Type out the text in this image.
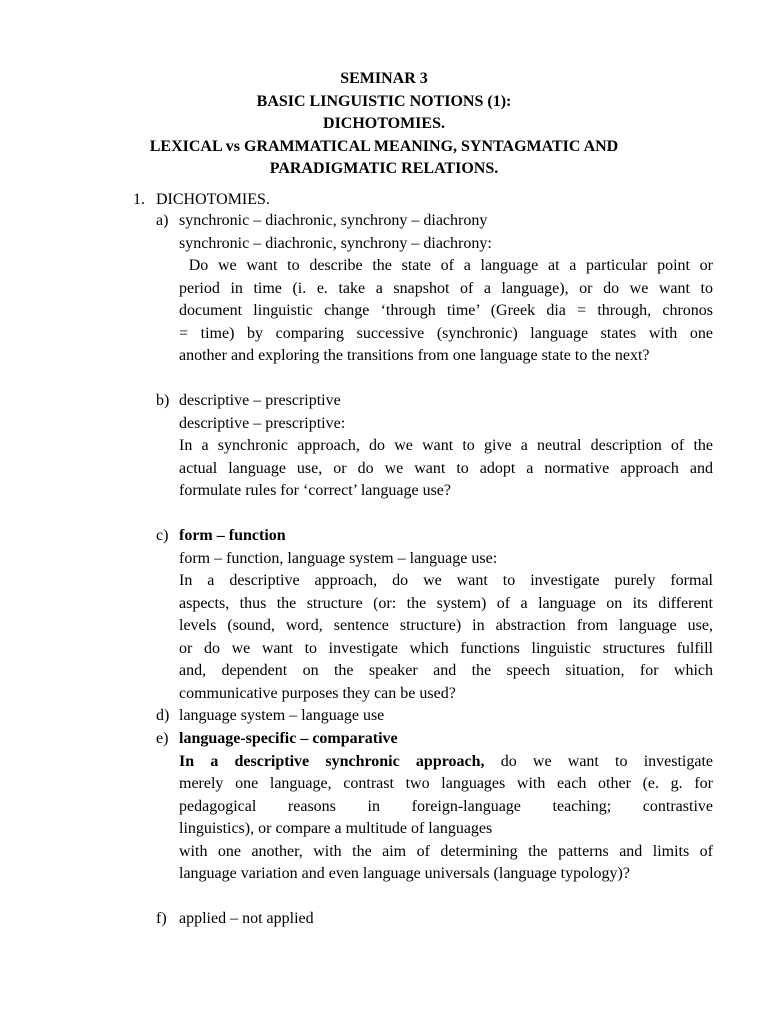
SEMINAR 3
BASIC LINGUISTIC NOTIONS (1):
DICHOTOMIES.
LEXICAL vs GRAMMATICAL MEANING, SYNTAGMATIC AND
PARADIGMATIC RELATIONS.
1. DICHOTOMIES.
a) synchronic – diachronic, synchrony – diachrony
synchronic – diachronic, synchrony – diachrony:
Do we want to describe the state of a language at a particular point or
period in time (i. e. take a snapshot of a language), or do we want to
document linguistic change ‘through time’ (Greek dia = through, chronos
= time) by comparing successive (synchronic) language states with one
another and exploring the transitions from one language state to the next?
b) descriptive – prescriptive
descriptive – prescriptive:
In a synchronic approach, do we want to give a neutral description of the
actual language use, or do we want to adopt a normative approach and
formulate rules for ‘correct’ language use?
c) form – function
form – function, language system – language use:
In a descriptive approach, do we want to investigate purely formal
aspects, thus the structure (or: the system) of a language on its different
levels (sound, word, sentence structure) in abstraction from language use,
or do we want to investigate which functions linguistic structures fulfill
and, dependent on the speaker and the speech situation, for which
communicative purposes they can be used?
d) language system – language use
e) language-specific – comparative
In a descriptive synchronic approach, do we want to investigate
merely one language, contrast two languages with each other (e. g. for
pedagogical reasons in foreign-language teaching; contrastive
linguistics), or compare a multitude of languages
with one another, with the aim of determining the patterns and limits of
language variation and even language universals (language typology)?
f) applied – not applied
